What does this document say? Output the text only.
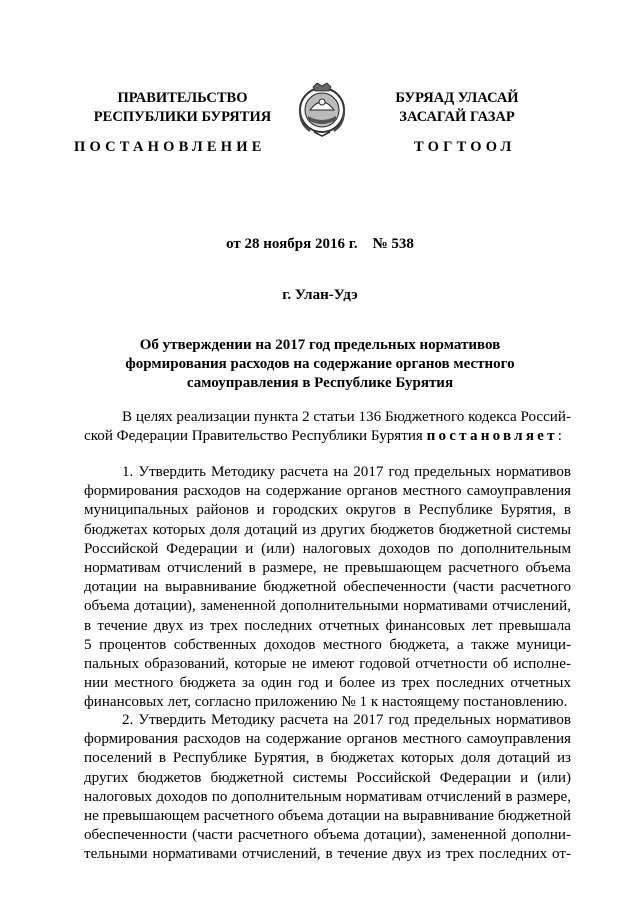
ПРАВИТЕЛЬСТВО
РЕСПУБЛИКИ БУРЯТИЯ
БУРЯАД УЛАСАЙ
ЗАСАГАЙ ГАЗАР
ПОСТАНОВЛЕНИЕ	ТОГТООЛ
от 28 ноября 2016 г.    № 538
г. Улан-Удэ
Об утверждении на 2017 год предельных нормативов
формирования расходов на содержание органов местного
самоуправления в Республике Бурятия
В целях реализации пункта 2 статьи 136 Бюджетного кодекса Россий-
ской Федерации Правительство Республики Бурятия постановляет:
1. Утвердить Методику расчета на 2017 год предельных нормативов
формирования расходов на содержание органов местного самоуправления
муниципальных районов и городских округов в Республике Бурятия, в
бюджетах которых доля дотаций из других бюджетов бюджетной системы
Российской Федерации и (или) налоговых доходов по дополнительным
нормативам отчислений в размере, не превышающем расчетного объема
дотации на выравнивание бюджетной обеспеченности (части расчетного
объема дотации), замененной дополнительными нормативами отчислений,
в течение двух из трех последних отчетных финансовых лет превышала
5 процентов собственных доходов местного бюджета, а также муници-
пальных образований, которые не имеют годовой отчетности об исполне-
нии местного бюджета за один год и более из трех последних отчетных
финансовых лет, согласно приложению № 1 к настоящему постановлению.
2. Утвердить Методику расчета на 2017 год предельных нормативов
формирования расходов на содержание органов местного самоуправления
поселений в Республике Бурятия, в бюджетах которых доля дотаций из
других бюджетов бюджетной системы Российской Федерации и (или)
налоговых доходов по дополнительным нормативам отчислений в размере,
не превышающем расчетного объема дотации на выравнивание бюджетной
обеспеченности (части расчетного объема дотации), замененной дополни-
тельными нормативами отчислений, в течение двух из трех последних от-
